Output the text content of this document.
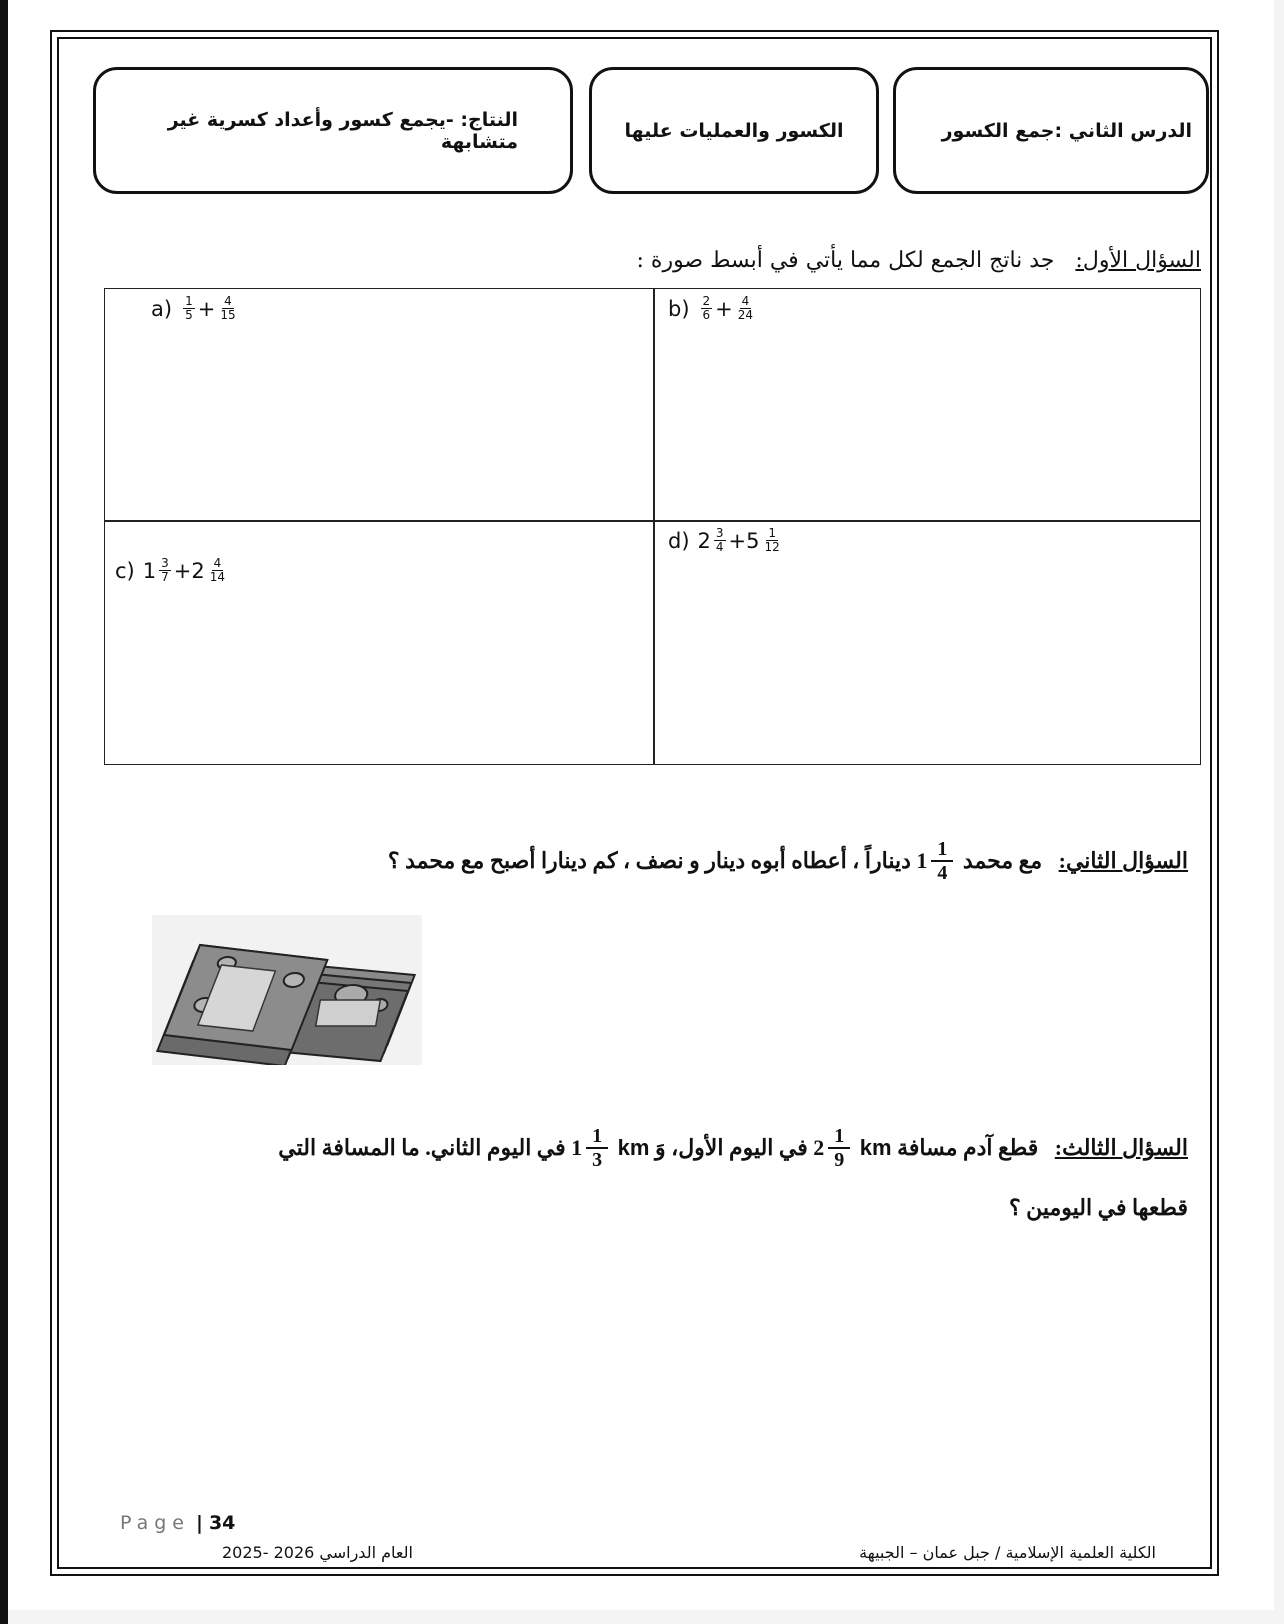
الدرس الثاني :جمع الكسور
الكسور والعمليات عليها
النتاج: -يجمع كسور وأعداد كسرية غير متشابهة
السؤال الأول:   جد ناتج الجمع لكل مما يأتي في أبسط صورة :
$a) \frac{1}{5} + \frac{4}{15}$	$b) \frac{2}{6} + \frac{4}{24}$
c) $1 \frac{3}{7} + 2 \frac{4}{14}$
d) $2 \frac{3}{4} + 5 \frac{1}{12}$
السؤال الثاني:   مع محمد
$1 \frac{1}{4}$
ديناراً ، أعطاه أبوه دينار و نصف ، كم دينارا أصبح مع محمد ؟
السؤال الثالث:   قطع آدم مسافة km
$2 \frac{1}{9}$
في اليوم الأول، وَ km
$1 \frac{1}{3}$
في اليوم الثاني. ما المسافة التي
قطعها في اليومين ؟
Page | 34
العام الدراسي 2026 -2025	الكلية العلمية الإسلامية / جبل عمان – الجبيهة
